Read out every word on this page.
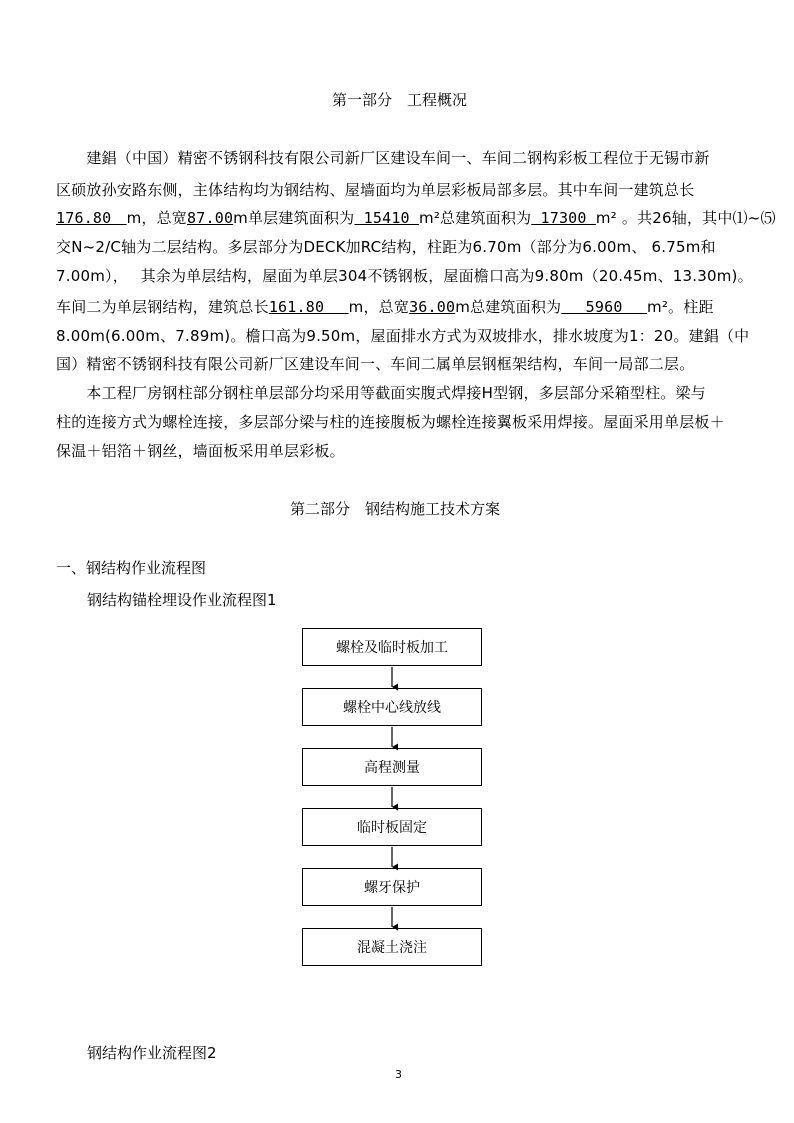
第一部分　工程概况
　　建錩（中国）精密不锈钢科技有限公司新厂区建设车间一、车间二钢构彩板工程位于无锡市新
区硕放孙安路东侧，主体结构均为钢结构、屋墙面均为单层彩板局部多层。其中车间一建筑总长
176.80　m，总宽87.00m单层建筑面积为 15410 m²总建筑面积为 17300 m² 。共26轴，其中⑴~⑸
交N~2/C轴为二层结构。多层部分为DECK加RC结构，柱距为6.70m（部分为6.00m、 6.75m和
7.00m），　 其余为单层结构，屋面为单层304不锈钢板，屋面檐口高为9.80m（20.45m、13.30m)。
车间二为单层钢结构，建筑总长161.80　 m，总宽36.00m总建筑面积为　 5960　 m²。柱距
8.00m(6.00m、7.89m)。檐口高为9.50m，屋面排水方式为双坡排水，排水坡度为1：20。建錩（中
国）精密不锈钢科技有限公司新厂区建设车间一、车间二属单层钢框架结构，车间一局部二层。
　　本工程厂房钢柱部分钢柱单层部分均采用等截面实腹式焊接H型钢，多层部分采箱型柱。梁与
柱的连接方式为螺栓连接，多层部分梁与柱的连接腹板为螺栓连接翼板采用焊接。屋面采用单层板＋
保温＋铝箔＋钢丝，墙面板采用单层彩板。
第二部分　钢结构施工技术方案
一、钢结构作业流程图
钢结构锚栓埋设作业流程图1
螺栓及临时板加工
螺栓中心线放线
高程测量
临时板固定
螺牙保护
混凝土浇注
钢结构作业流程图2
3
